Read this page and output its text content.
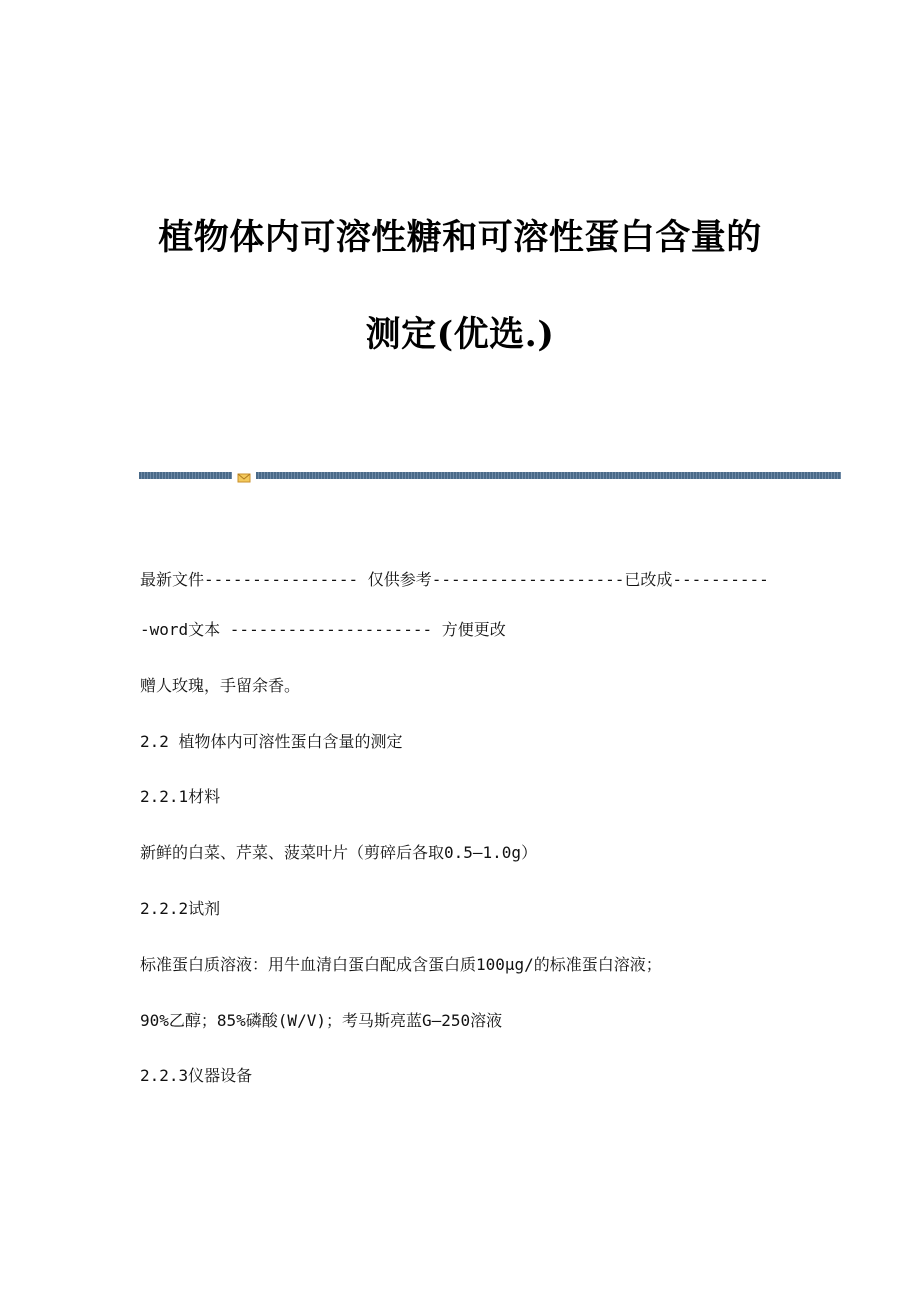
植物体内可溶性糖和可溶性蛋白含量的
测定(优选.)
最新文件---------------- 仅供参考--------------------已改成----------
-word文本 --------------------- 方便更改
赠人玫瑰，手留余香。
2.2 植物体内可溶性蛋白含量的测定
2.2.1材料
新鲜的白菜、芹菜、菠菜叶片（剪碎后各取0.5—1.0g）
2.2.2试剂
标准蛋白质溶液：用牛血清白蛋白配成含蛋白质100μg/的标准蛋白溶液；
90%乙醇；85%磷酸(W/V)；考马斯亮蓝G—250溶液
2.2.3仪器设备
